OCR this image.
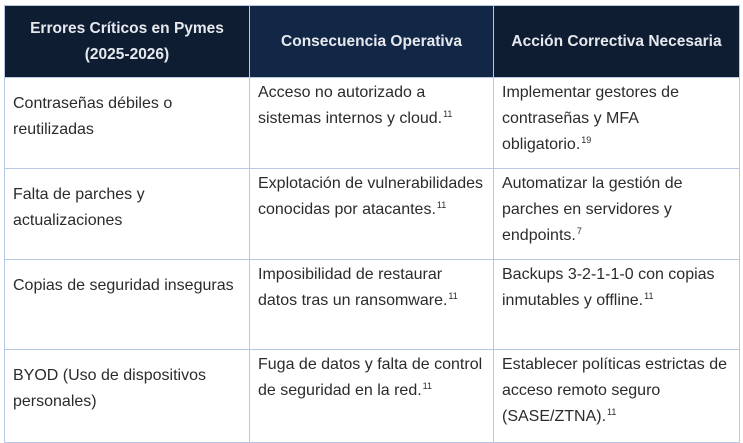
Errores Críticos en Pymes (2025-2026)	Consecuencia Operativa	Acción Correctiva Necesaria
Contraseñas débiles o reutilizadas	Acceso no autorizado a sistemas internos y cloud.$^{11}$	Implementar gestores de contraseñas y MFA obligatorio.$^{19}$
Falta de parches y actualizaciones	Explotación de vulnerabilidades conocidas por atacantes.$^{11}$	Automatizar la gestión de parches en servidores y endpoints.$^7$
Copias de seguridad inseguras	Imposibilidad de restaurar datos tras un ransomware.$^{11}$	Backups 3-2-1-1-0 con copias inmutables y offline.$^{11}$
BYOD (Uso de dispositivos personales)	Fuga de datos y falta de control de seguridad en la red.$^{11}$	Establecer políticas estrictas de acceso remoto seguro (SASE/ZTNA).$^{11}$
